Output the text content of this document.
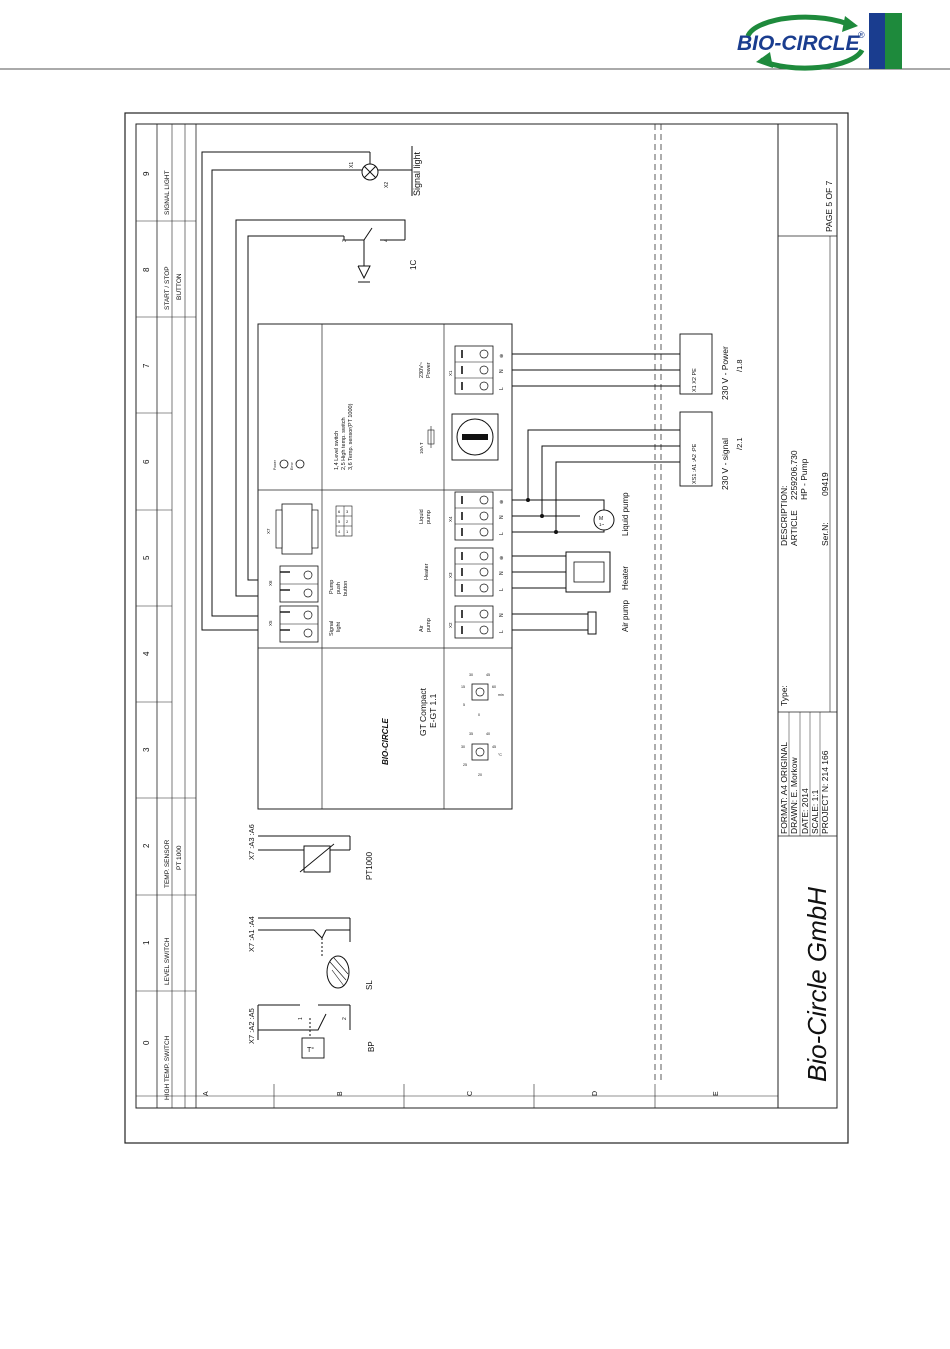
BIO-CIRCLE
®
0
1
2
3
4
5
6
7
8
9
HIGH TEMP. SWITCH
LEVEL SWITCH
TEMP. SENSOR PT 1000
START / STOP BUTTON
SIGNAL LIGHT
A	B	C	D	E
X1
X2 Signal light
3	4
1C
BIO-CIRCLE
GT Compact E-GT 1.1
20
25
30
35	40
45
°C
0
5
15
30	45
60
min
X5
X6
Signal light
Pump push button
X7
6
5
4
3
2
1
1,4 Level switch 2,5 High temp. switch 3,6 Temp. sensor(PT 1000)
Power	Error
10A T
X1
X4
X3
X2
230V~ Power
Liquid pump
Heater
Air pump
L
N
⊕
L
N
⊕
L
N
⊕
L
N
M
1~ Liquid pump
Heater
Air pump
X1 X2 PE	230 V - Power /1.8
XS1 :A1 :A2 :PE	230 V - signal /2.1
T°
1	2
BP
X7 :A2 :A5
SL
X7 :A1 :A4
PT1000
X7 :A3 :A6
Bio-Circle GmbH
FORMAT: A4 ORIGINAL DRAWN: E. Morkow DATE: 2014 SCALE: 1:1 PROJECT N: 214 166
Type:
DESCRIPTION: ARTICLE
2259206.730 HP - Pump
Ser.N:
09419
PAGE 5 OF 7
